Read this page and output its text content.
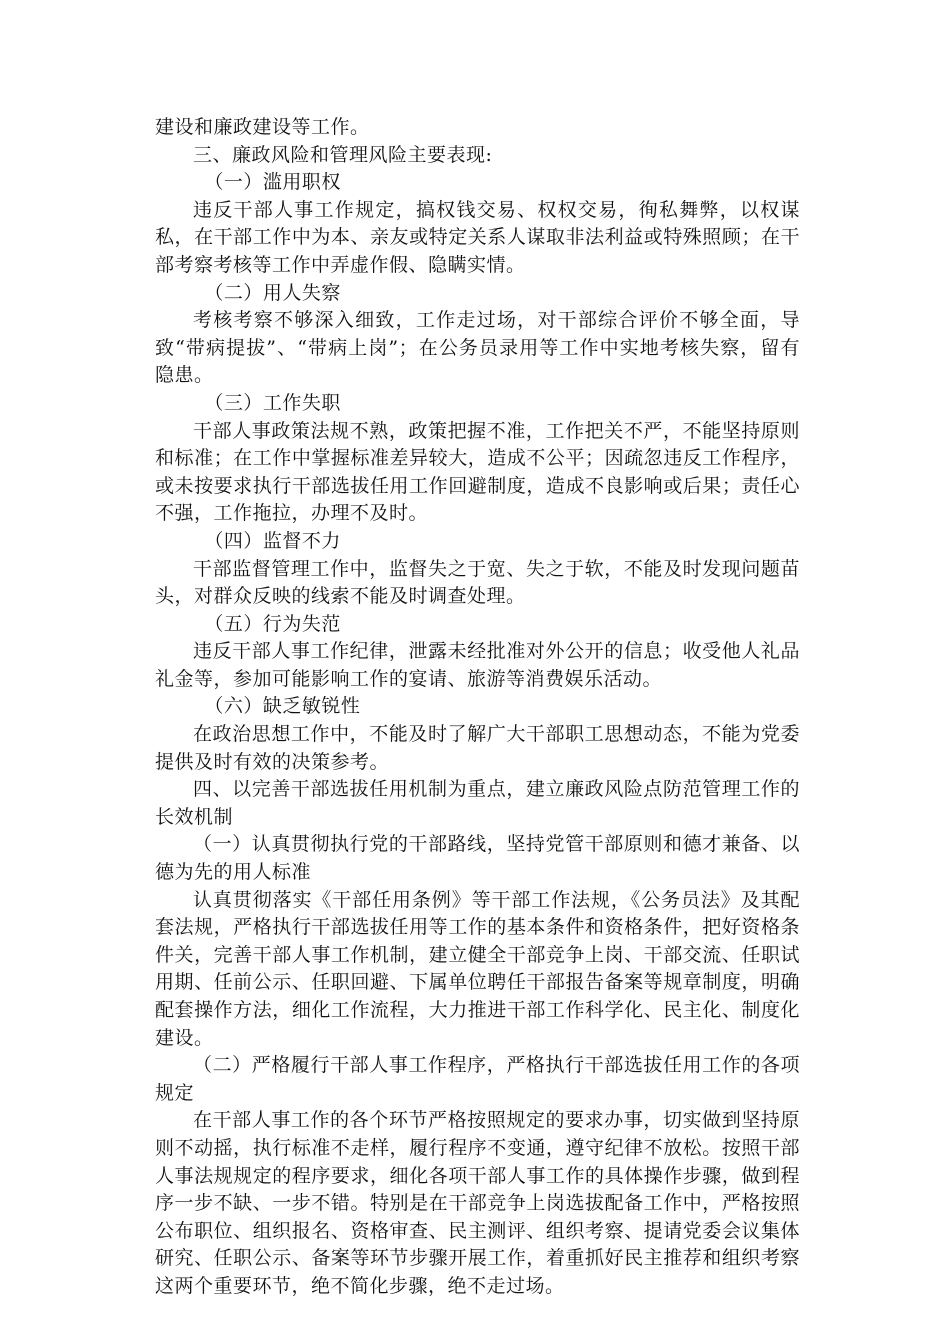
建设和廉政建设等工作。

三、廉政风险和管理风险主要表现:

（一）滥用职权

违反干部人事工作规定，搞权钱交易、权权交易，徇私舞弊，以权谋私，在干部工作中为本、亲友或特定关系人谋取非法利益或特殊照顾；在干部考察考核等工作中弄虚作假、隐瞒实情。

（二）用人失察

考核考察不够深入细致，工作走过场，对干部综合评价不够全面，导致“带病提拔”、“带病上岗”；在公务员录用等工作中实地考核失察，留有隐患。

（三）工作失职

干部人事政策法规不熟，政策把握不准，工作把关不严，不能坚持原则和标准；在工作中掌握标准差异较大，造成不公平；因疏忽违反工作程序，或未按要求执行干部选拔任用工作回避制度，造成不良影响或后果；责任心不强，工作拖拉，办理不及时。

（四）监督不力

干部监督管理工作中，监督失之于宽、失之于软，不能及时发现问题苗头，对群众反映的线索不能及时调查处理。

（五）行为失范

违反干部人事工作纪律，泄露未经批准对外公开的信息；收受他人礼品礼金等，参加可能影响工作的宴请、旅游等消费娱乐活动。

（六）缺乏敏锐性

在政治思想工作中，不能及时了解广大干部职工思想动态，不能为党委提供及时有效的决策参考。

四、以完善干部选拔任用机制为重点，建立廉政风险点防范管理工作的长效机制

（一）认真贯彻执行党的干部路线，坚持党管干部原则和德才兼备、以德为先的用人标准

认真贯彻落实《干部任用条例》等干部工作法规，《公务员法》及其配套法规，严格执行干部选拔任用等工作的基本条件和资格条件，把好资格条件关，完善干部人事工作机制，建立健全干部竞争上岗、干部交流、任职试用期、任前公示、任职回避、下属单位聘任干部报告备案等规章制度，明确配套操作方法，细化工作流程，大力推进干部工作科学化、民主化、制度化建设。

（二）严格履行干部人事工作程序，严格执行干部选拔任用工作的各项规定

在干部人事工作的各个环节严格按照规定的要求办事，切实做到坚持原则不动摇，执行标准不走样，履行程序不变通，遵守纪律不放松。按照干部人事法规规定的程序要求，细化各项干部人事工作的具体操作步骤，做到程序一步不缺、一步不错。特别是在干部竞争上岗选拔配备工作中，严格按照公布职位、组织报名、资格审查、民主测评、组织考察、提请党委会议集体研究、任职公示、备案等环节步骤开展工作，着重抓好民主推荐和组织考察这两个重要环节，绝不简化步骤，绝不走过场。
